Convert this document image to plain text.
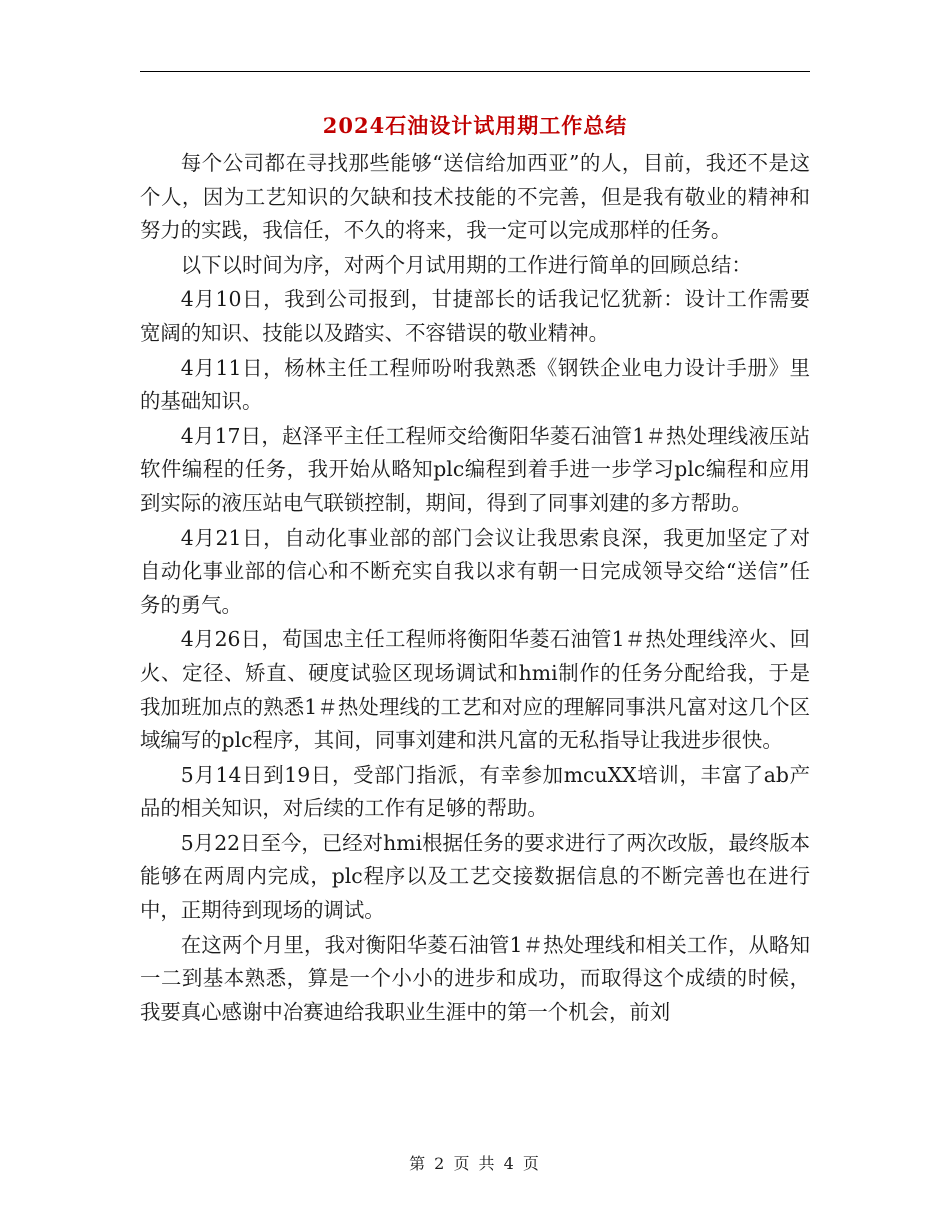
2024石油设计试用期工作总结

每个公司都在寻找那些能够“送信给加西亚”的人，目前，我还不是这个人，因为工艺知识的欠缺和技术技能的不完善，但是我有敬业的精神和努力的实践，我信任，不久的将来，我一定可以完成那样的任务。

以下以时间为序，对两个月试用期的工作进行简单的回顾总结：

4月10日，我到公司报到，甘捷部长的话我记忆犹新：设计工作需要宽阔的知识、技能以及踏实、不容错误的敬业精神。

4月11日，杨林主任工程师吩咐我熟悉《钢铁企业电力设计手册》里的基础知识。

4月17日，赵泽平主任工程师交给衡阳华菱石油管1＃热处理线液压站软件编程的任务，我开始从略知plc编程到着手进一步学习plc编程和应用到实际的液压站电气联锁控制，期间，得到了同事刘建的多方帮助。

4月21日，自动化事业部的部门会议让我思索良深，我更加坚定了对自动化事业部的信心和不断充实自我以求有朝一日完成领导交给“送信”任务的勇气。

4月26日，荀国忠主任工程师将衡阳华菱石油管1＃热处理线淬火、回火、定径、矫直、硬度试验区现场调试和hmi制作的任务分配给我，于是我加班加点的熟悉1＃热处理线的工艺和对应的理解同事洪凡富对这几个区域编写的plc程序，其间，同事刘建和洪凡富的无私指导让我进步很快。

5月14日到19日，受部门指派，有幸参加mcuXX培训，丰富了ab产品的相关知识，对后续的工作有足够的帮助。

5月22日至今，已经对hmi根据任务的要求进行了两次改版，最终版本能够在两周内完成，plc程序以及工艺交接数据信息的不断完善也在进行中，正期待到现场的调试。

在这两个月里，我对衡阳华菱石油管1＃热处理线和相关工作，从略知一二到基本熟悉，算是一个小小的进步和成功，而取得这个成绩的时候，我要真心感谢中冶赛迪给我职业生涯中的第一个机会，前刘

第 2 页 共 4 页
